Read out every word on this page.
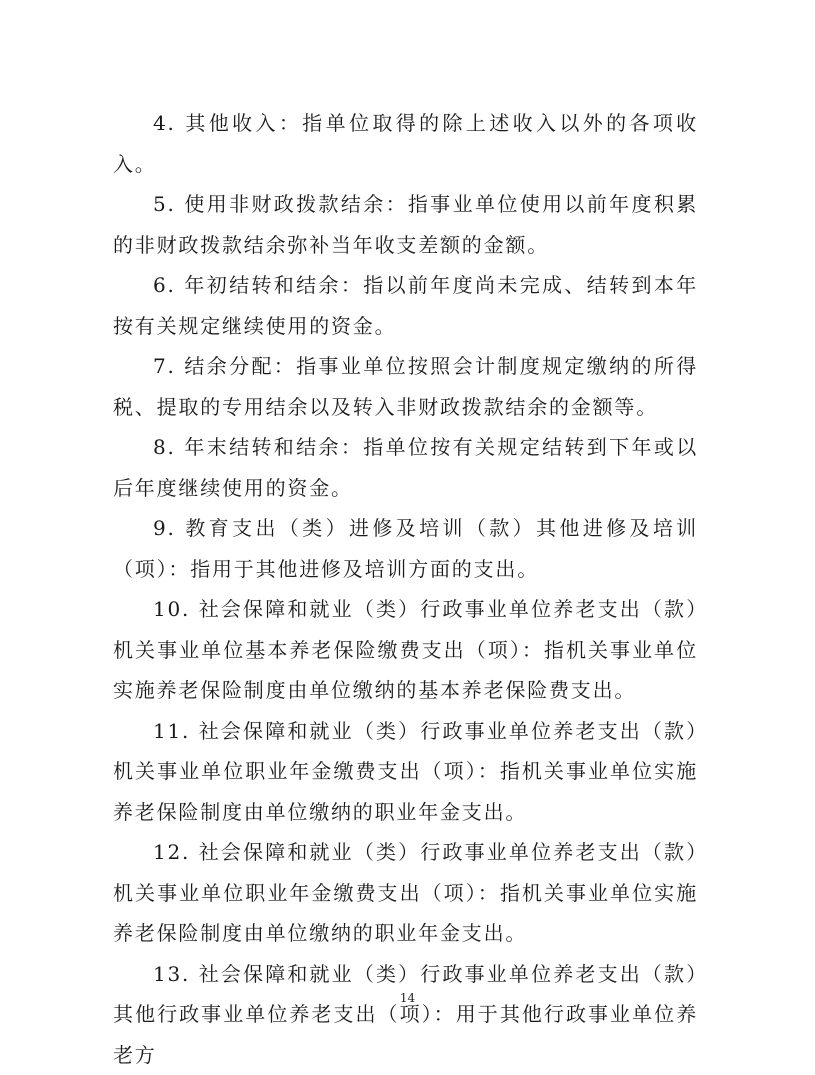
4. 其他收入：指单位取得的除上述收入以外的各项收入。

5. 使用非财政拨款结余：指事业单位使用以前年度积累的非财政拨款结余弥补当年收支差额的金额。

6. 年初结转和结余：指以前年度尚未完成、结转到本年按有关规定继续使用的资金。

7. 结余分配：指事业单位按照会计制度规定缴纳的所得税、提取的专用结余以及转入非财政拨款结余的金额等。

8. 年末结转和结余：指单位按有关规定结转到下年或以后年度继续使用的资金。

9. 教育支出（类）进修及培训（款）其他进修及培训（项）：指用于其他进修及培训方面的支出。

10. 社会保障和就业（类）行政事业单位养老支出（款）机关事业单位基本养老保险缴费支出（项）：指机关事业单位实施养老保险制度由单位缴纳的基本养老保险费支出。

11. 社会保障和就业（类）行政事业单位养老支出（款）机关事业单位职业年金缴费支出（项）：指机关事业单位实施养老保险制度由单位缴纳的职业年金支出。

12. 社会保障和就业（类）行政事业单位养老支出（款）机关事业单位职业年金缴费支出（项）：指机关事业单位实施养老保险制度由单位缴纳的职业年金支出。

13. 社会保障和就业（类）行政事业单位养老支出（款）其他行政事业单位养老支出（项）：用于其他行政事业单位养老方

14
